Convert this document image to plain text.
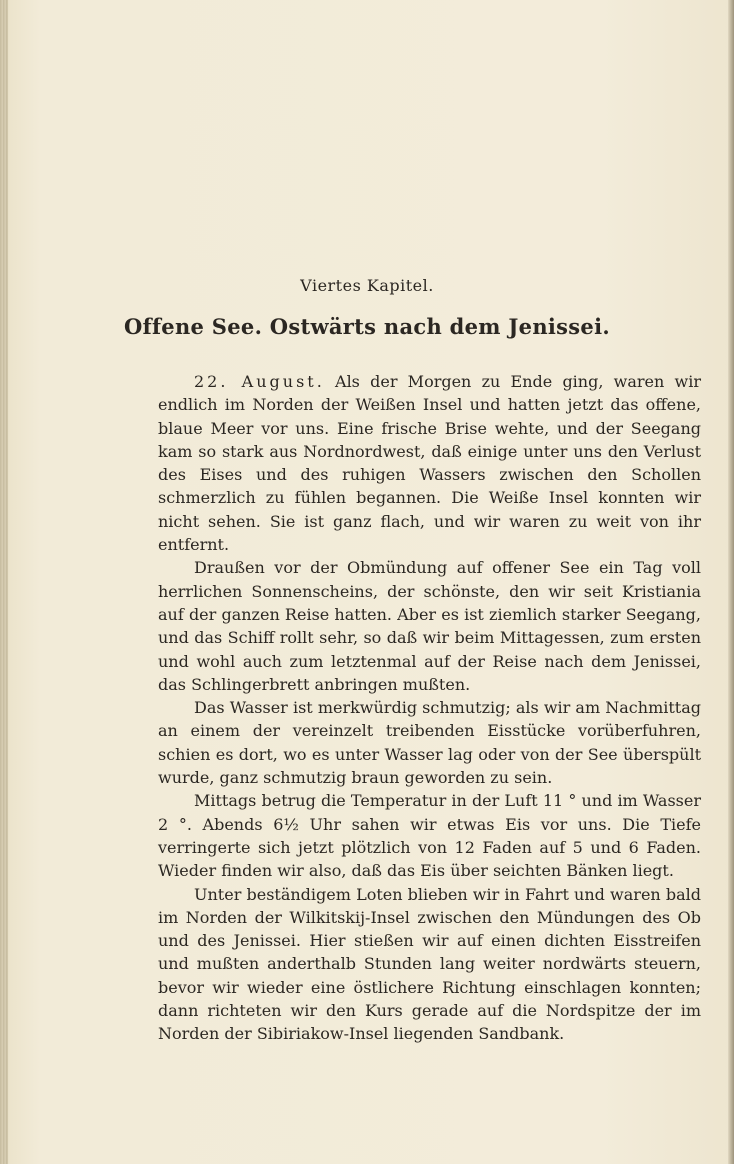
Viertes Kapitel.
Offene See. Ostwärts nach dem Jenissei.

22. August. Als der Morgen zu Ende ging, waren wir endlich im Norden der Weißen Insel und hatten jetzt das offene, blaue Meer vor uns. Eine frische Brise wehte, und der Seegang kam so stark aus Nordnordwest, daß einige unter uns den Verlust des Eises und des ruhigen Wassers zwischen den Schollen schmerzlich zu fühlen begannen. Die Weiße Insel konnten wir nicht sehen. Sie ist ganz flach, und wir waren zu weit von ihr entfernt.

Draußen vor der Obmündung auf offener See ein Tag voll herrlichen Sonnenscheins, der schönste, den wir seit Kristiania auf der ganzen Reise hatten. Aber es ist ziemlich starker Seegang, und das Schiff rollt sehr, so daß wir beim Mittagessen, zum ersten und wohl auch zum letztenmal auf der Reise nach dem Jenissei, das Schlingerbrett anbringen mußten.

Das Wasser ist merkwürdig schmutzig; als wir am Nachmittag an einem der vereinzelt treibenden Eisstücke vorüberfuhren, schien es dort, wo es unter Wasser lag oder von der See überspült wurde, ganz schmutzig braun geworden zu sein.

Mittags betrug die Temperatur in der Luft 11 ° und im Wasser 2 °. Abends 6½ Uhr sahen wir etwas Eis vor uns. Die Tiefe verringerte sich jetzt plötzlich von 12 Faden auf 5 und 6 Faden. Wieder finden wir also, daß das Eis über seichten Bänken liegt.

Unter beständigem Loten blieben wir in Fahrt und waren bald im Norden der Wilkitskij-Insel zwischen den Mündungen des Ob und des Jenissei. Hier stießen wir auf einen dichten Eisstreifen und mußten anderthalb Stunden lang weiter nordwärts steuern, bevor wir wieder eine östlichere Richtung einschlagen konnten; dann richteten wir den Kurs gerade auf die Nordspitze der im Norden der Sibiriakow-Insel liegenden Sandbank.
